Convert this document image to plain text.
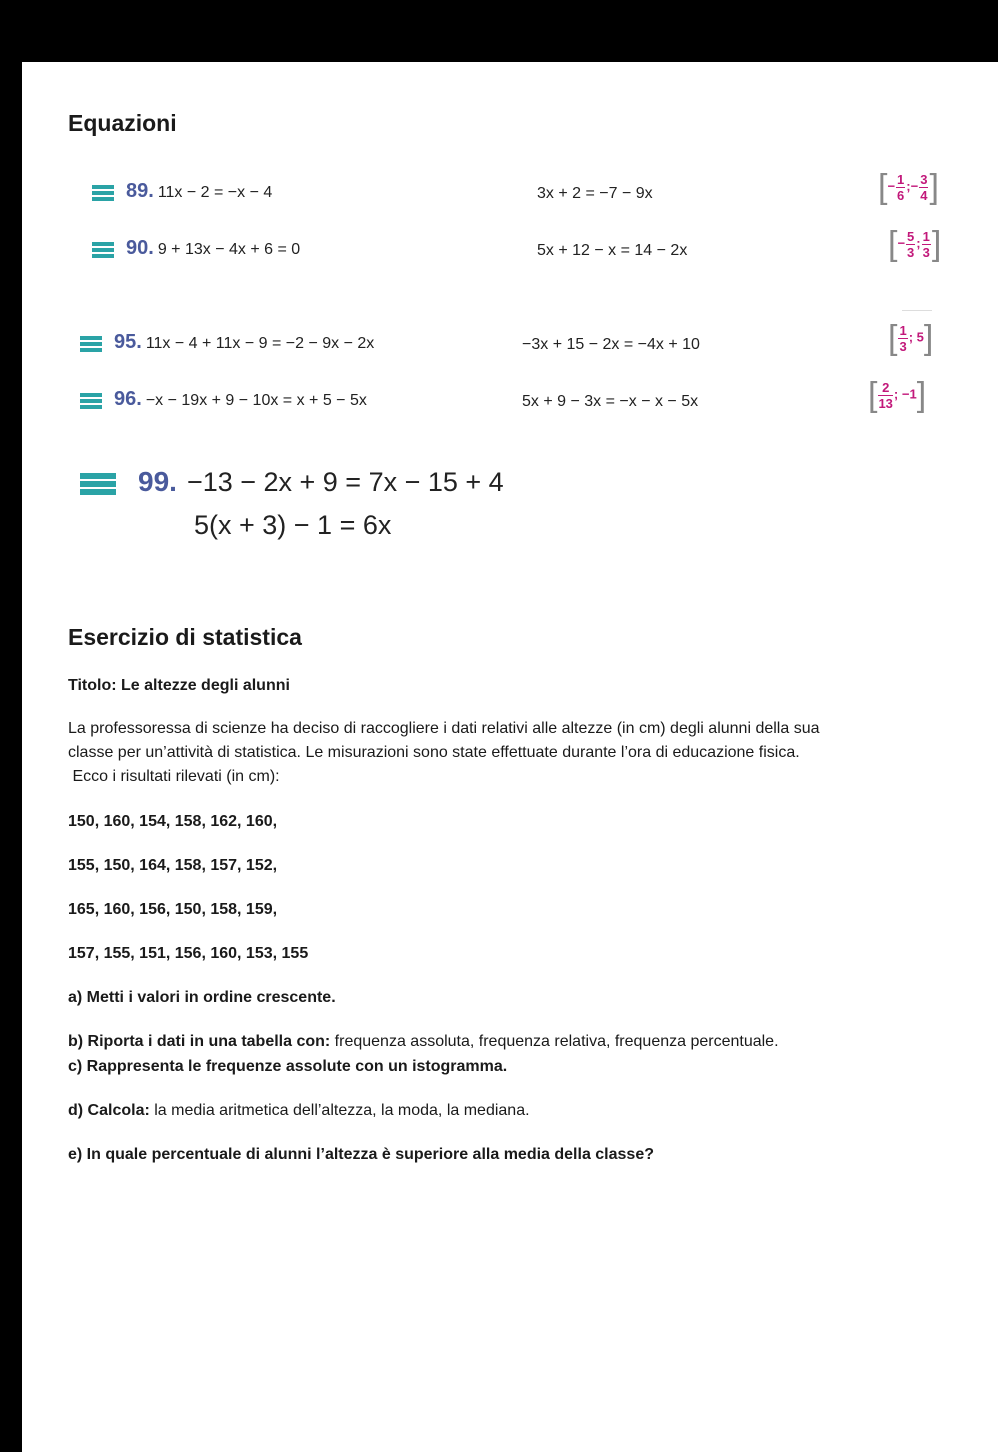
Equazioni
89. 11x − 2 = −x − 4	3x + 2 = −7 − 9x	[− $\frac{1}{6}$ ;− $\frac{3}{4}$ ]
90. 9 + 13x − 4x + 6 = 0	5x + 12 − x = 14 − 2x	[− $\frac{5}{3}$ ; $\frac{1}{3}$ ]
95. 11x − 4 + 11x − 9 = −2 − 9x − 2x	−3x + 15 − 2x = −4x + 10	[ $\frac{1}{3}$ ; 5]
96. −x − 19x + 9 − 10x = x + 5 − 5x	5x + 9 − 3x = −x − x − 5x	[ $\frac{2}{13}$ ; −1]
99. −13 − 2x + 9 = 7x − 15 + 4
5(x + 3) − 1 = 6x
Esercizio di statistica
Titolo: Le altezze degli alunni
La professoressa di scienze ha deciso di raccogliere i dati relativi alle altezze (in cm) degli alunni della sua
classe per un’attività di statistica. Le misurazioni sono state effettuate durante l’ora di educazione fisica.
Ecco i risultati rilevati (in cm):
150, 160, 154, 158, 162, 160,
155, 150, 164, 158, 157, 152,
165, 160, 156, 150, 158, 159,
157, 155, 151, 156, 160, 153, 155
a) Metti i valori in ordine crescente.
b) Riporta i dati in una tabella con: frequenza assoluta, frequenza relativa, frequenza percentuale.
c) Rappresenta le frequenze assolute con un istogramma.
d) Calcola: la media aritmetica dell’altezza, la moda, la mediana.
e) In quale percentuale di alunni l’altezza è superiore alla media della classe?
